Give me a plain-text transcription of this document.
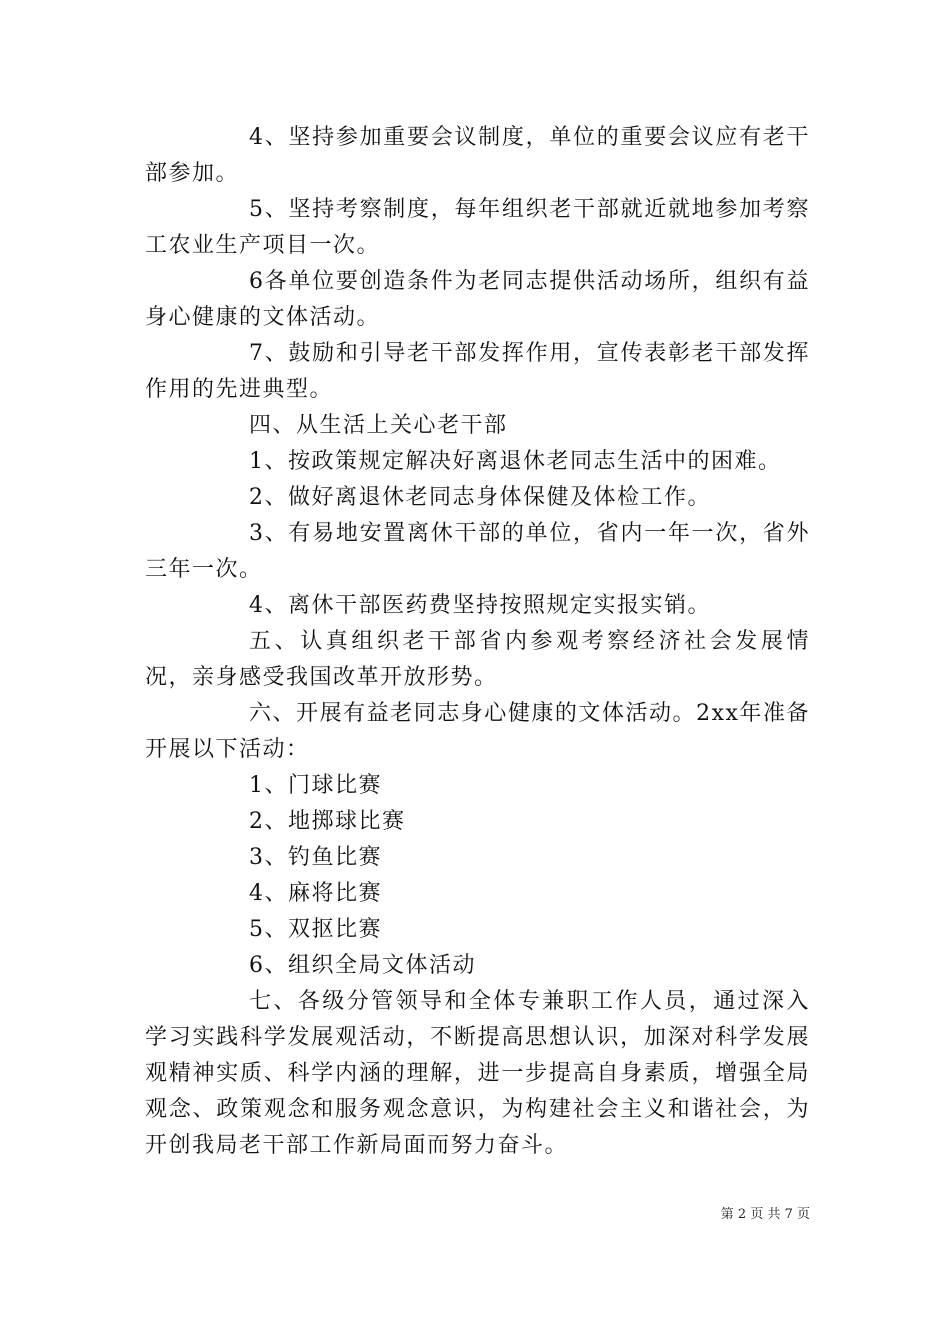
4、坚持参加重要会议制度，单位的重要会议应有老干部参加。

5、坚持考察制度，每年组织老干部就近就地参加考察工农业生产项目一次。

6各单位要创造条件为老同志提供活动场所，组织有益身心健康的文体活动。

7、鼓励和引导老干部发挥作用，宣传表彰老干部发挥作用的先进典型。

四、从生活上关心老干部

1、按政策规定解决好离退休老同志生活中的困难。

2、做好离退休老同志身体保健及体检工作。

3、有易地安置离休干部的单位，省内一年一次，省外三年一次。

4、离休干部医药费坚持按照规定实报实销。

五、认真组织老干部省内参观考察经济社会发展情况，亲身感受我国改革开放形势。

六、开展有益老同志身心健康的文体活动。2xx年准备开展以下活动：

1、门球比赛

2、地掷球比赛

3、钓鱼比赛

4、麻将比赛

5、双抠比赛

6、组织全局文体活动

七、各级分管领导和全体专兼职工作人员，通过深入学习实践科学发展观活动，不断提高思想认识，加深对科学发展观精神实质、科学内涵的理解，进一步提高自身素质，增强全局观念、政策观念和服务观念意识，为构建社会主义和谐社会，为开创我局老干部工作新局面而努力奋斗。

第 2 页 共 7 页
